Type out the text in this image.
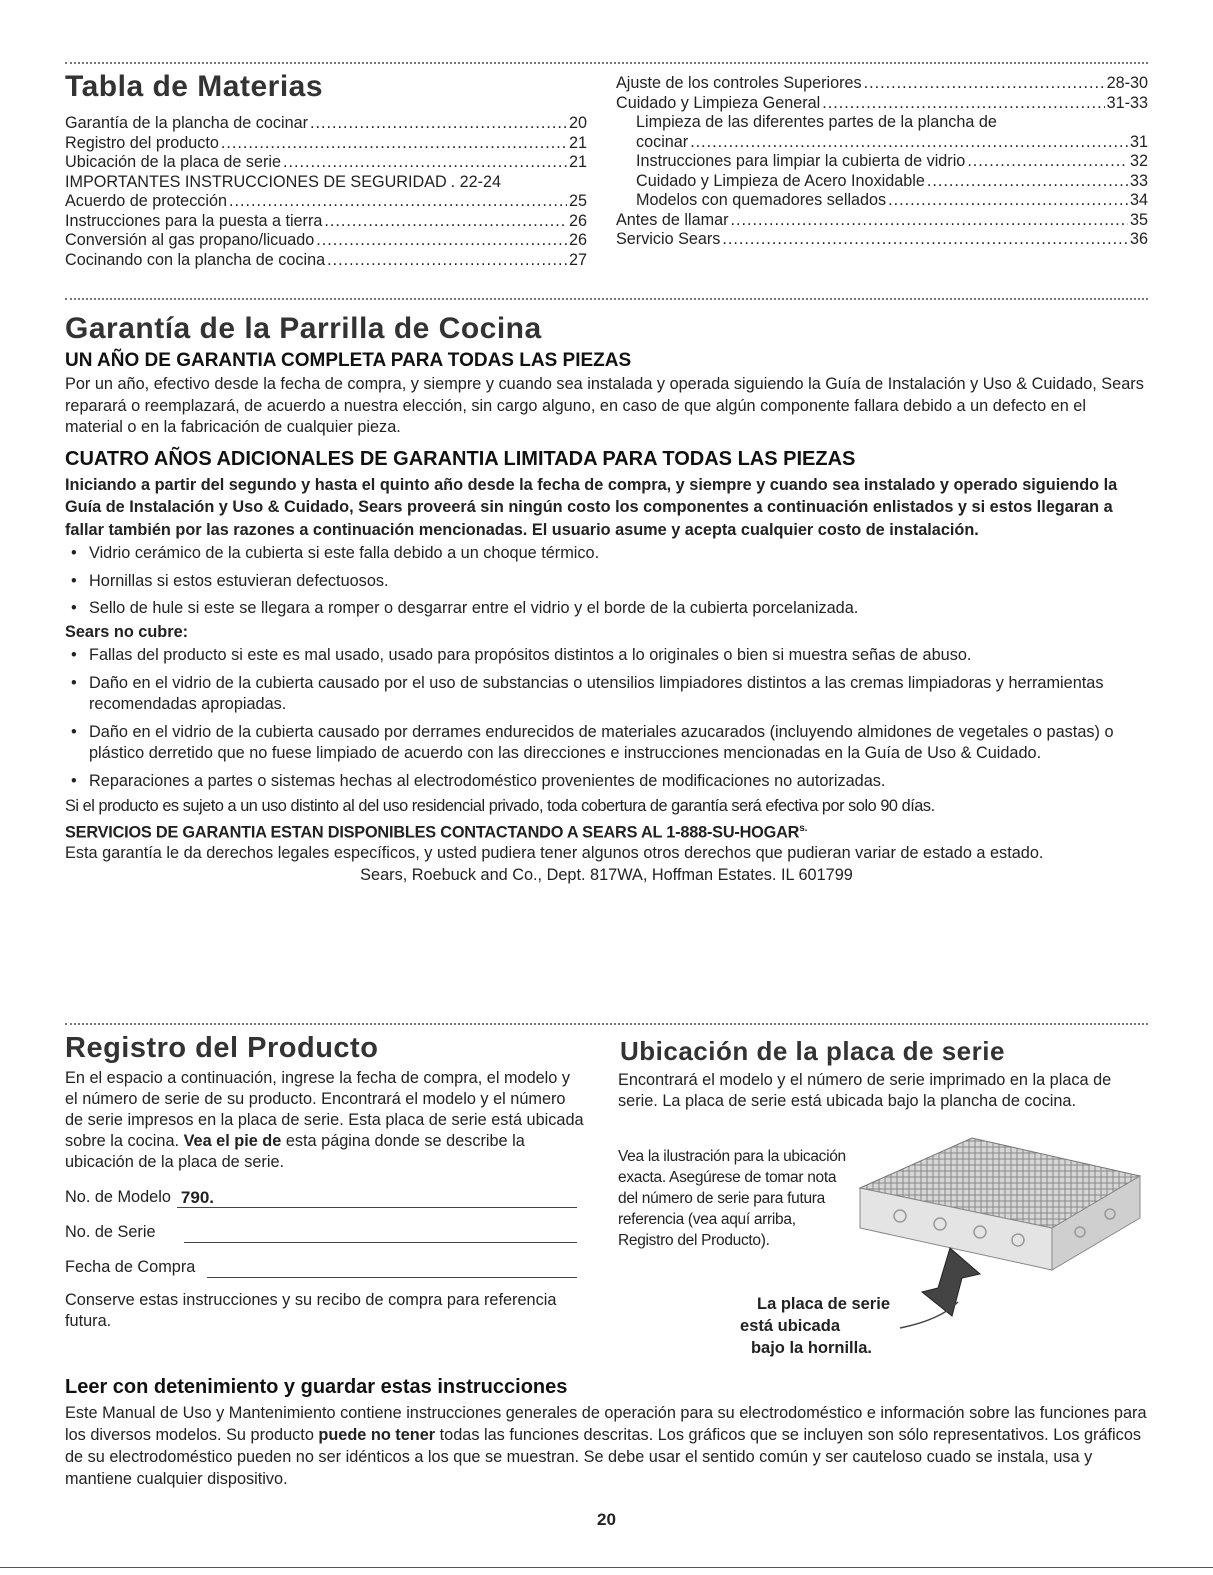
Tabla de Materias
Garantía de la plancha de cocinar .....	20
Registro del producto .....	21
Ubicación de la placa de serie .....	21
IMPORTANTES INSTRUCCIONES DE SEGURIDAD . 22-24
Acuerdo de protección .....	25
Instrucciones para la puesta a tierra .....	26
Conversión al gas propano/licuado .....	26
Cocinando con la plancha de cocina .....	27
Ajuste de los controles Superiores .....	28-30
Cuidado y Limpieza General .....	31-33
Limpieza de las diferentes partes de la plancha de
cocinar .....	31
Instrucciones para limpiar la cubierta de vidrio .....	32
Cuidado y Limpieza de Acero Inoxidable .....	33
Modelos con quemadores sellados .....	34
Antes de llamar .....	35
Servicio Sears .....	36
Garantía de la Parrilla de Cocina
UN AÑO DE GARANTIA COMPLETA PARA TODAS LAS PIEZAS

Por un año, efectivo desde la fecha de compra, y siempre y cuando sea instalada y operada siguiendo la Guía de Instalación y Uso & Cuidado, Sears reparará o reemplazará, de acuerdo a nuestra elección, sin cargo alguno, en caso de que algún componente fallara debido a un defecto en el material o en la fabricación de cualquier pieza.

CUATRO AÑOS ADICIONALES DE GARANTIA LIMITADA PARA TODAS LAS PIEZAS

Iniciando a partir del segundo y hasta el quinto año desde la fecha de compra, y siempre y cuando sea instalado y operado siguiendo la Guía de Instalación y Uso & Cuidado, Sears proveerá sin ningún costo los componentes a continuación enlistados y si estos llegaran a fallar también por las razones a continuación mencionadas. El usuario asume y acepta cualquier costo de instalación.

• Vidrio cerámico de la cubierta si este falla debido a un choque térmico.
• Hornillas si estos estuvieran defectuosos.
• Sello de hule si este se llegara a romper o desgarrar entre el vidrio y el borde de la cubierta porcelanizada.

Sears no cubre:

• Fallas del producto si este es mal usado, usado para propósitos distintos a lo originales o bien si muestra señas de abuso.
• Daño en el vidrio de la cubierta causado por el uso de substancias o utensilios limpiadores distintos a las cremas limpiadoras y herramientas recomendadas apropiadas.
• Daño en el vidrio de la cubierta causado por derrames endurecidos de materiales azucarados (incluyendo almidones de vegetales o pastas) o plástico derretido que no fuese limpiado de acuerdo con las direcciones e instrucciones mencionadas en la Guía de Uso & Cuidado.
• Reparaciones a partes o sistemas hechas al electrodoméstico provenientes de modificaciones no autorizadas.

Si el producto es sujeto a un uso distinto al del uso residencial privado, toda cobertura de garantía será efectiva por solo 90 días.

SERVICIOS DE GARANTIA ESTAN DISPONIBLES CONTACTANDO A SEARS AL $1-888-SU-HOGAR^{s.}$

Esta garantía le da derechos legales específicos, y usted pudiera tener algunos otros derechos que pudieran variar de estado a estado.

Sears, Roebuck and Co., Dept. 817WA, Hoffman Estates. IL 601799

Registro del Producto

En el espacio a continuación, ingrese la fecha de compra, el modelo y el número de serie de su producto. Encontrará el modelo y el número de serie impresos en la placa de serie. Esta placa de serie está ubicada sobre la cocina. Vea el pie de esta página donde se describe la ubicación de la placa de serie.

No. de Modelo 790.
No. de Serie
Fecha de Compra

Conserve estas instrucciones y su recibo de compra para referencia futura.

Ubicación de la placa de serie

Encontrará el modelo y el número de serie imprimado en la placa de serie. La placa de serie está ubicada bajo la plancha de cocina.

Vea la ilustración para la ubicación exacta. Asegúrese de tomar nota del número de serie para futura referencia (vea aquí arriba, Registro del Producto).

La placa de serie

está ubicada

bajo la hornilla.

Leer con detenimiento y guardar estas instrucciones

Este Manual de Uso y Mantenimiento contiene instrucciones generales de operación para su electrodoméstico e información sobre las funciones para los diversos modelos. Su producto puede no tener todas las funciones descritas. Los gráficos que se incluyen son sólo representativos. Los gráficos de su electrodoméstico pueden no ser idénticos a los que se muestran. Se debe usar el sentido común y ser cauteloso cuado se instala, usa y mantiene cualquier dispositivo.

20
